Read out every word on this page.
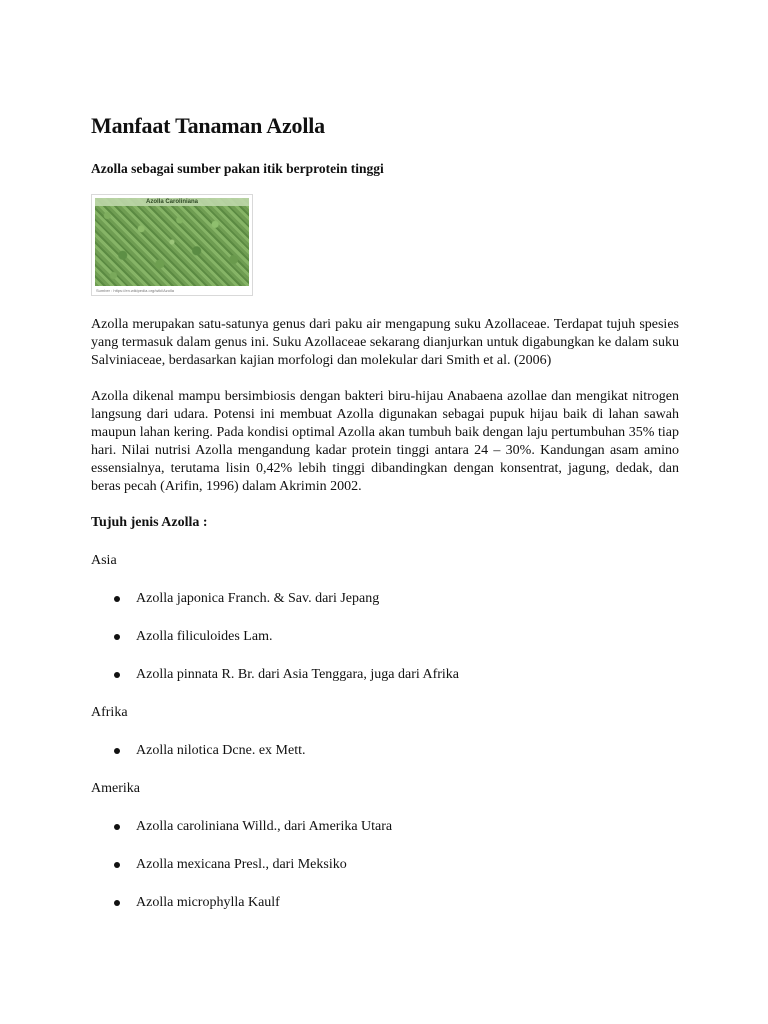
Manfaat Tanaman Azolla
Azolla sebagai sumber pakan itik berprotein tinggi
Azolla Caroliniana
Sumber : https://en.wikipedia.org/wiki/Azolla

Azolla merupakan satu-satunya genus dari paku air mengapung suku Azollaceae. Terdapat tujuh spesies yang termasuk dalam genus ini. Suku Azollaceae sekarang dianjurkan untuk digabungkan ke dalam suku Salviniaceae, berdasarkan kajian morfologi dan molekular dari Smith et al. (2006)

Azolla dikenal mampu bersimbiosis dengan bakteri biru-hijau Anabaena azollae dan mengikat nitrogen langsung dari udara. Potensi ini membuat Azolla digunakan sebagai pupuk hijau baik di lahan sawah maupun lahan kering. Pada kondisi optimal Azolla akan tumbuh baik dengan laju pertumbuhan 35% tiap hari. Nilai nutrisi Azolla mengandung kadar protein tinggi antara 24 – 30%. Kandungan asam amino essensialnya, terutama lisin 0,42% lebih tinggi dibandingkan dengan konsentrat, jagung, dedak, dan beras pecah (Arifin, 1996) dalam Akrimin 2002.

Tujuh jenis Azolla :
Asia
Azolla japonica Franch. & Sav. dari Jepang
Azolla filiculoides Lam.
Azolla pinnata R. Br. dari Asia Tenggara, juga dari Afrika
Afrika
Azolla nilotica Dcne. ex Mett.
Amerika
Azolla caroliniana Willd., dari Amerika Utara
Azolla mexicana Presl., dari Meksiko
Azolla microphylla Kaulf
